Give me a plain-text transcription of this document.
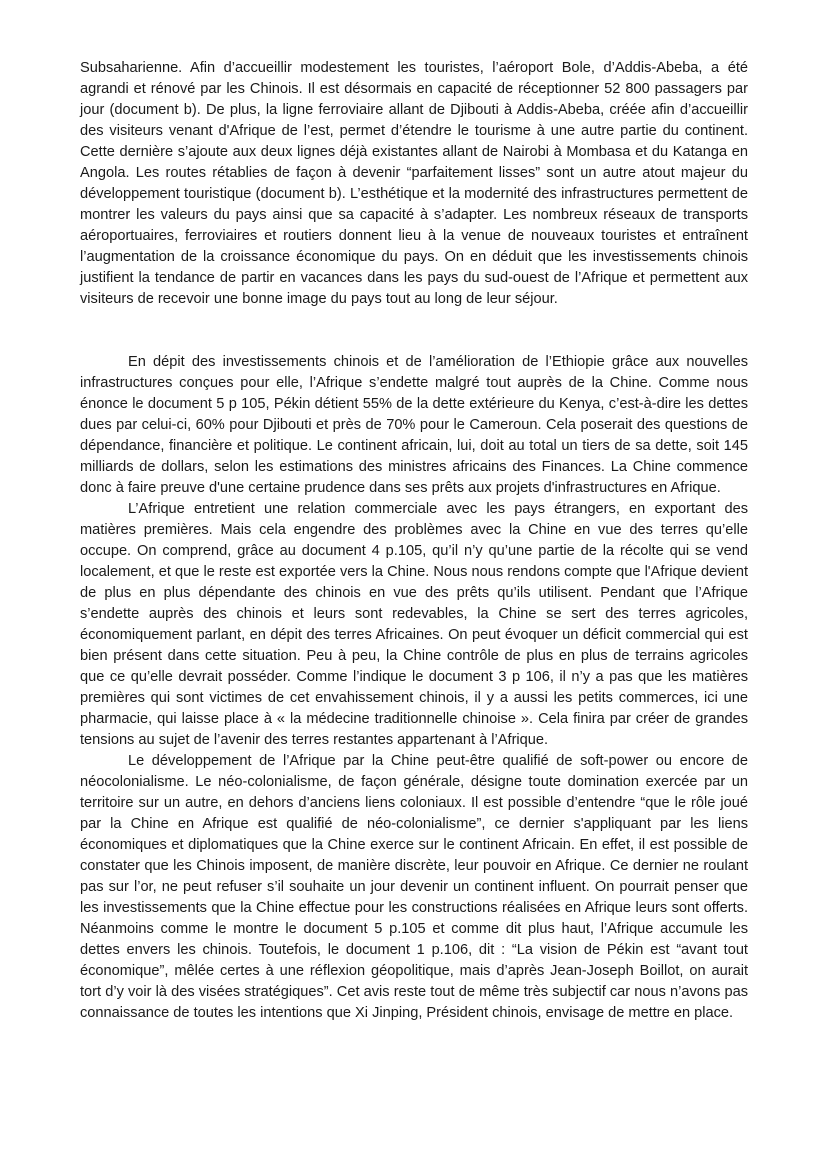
Subsaharienne. Afin d’accueillir modestement les touristes, l’aéroport Bole, d’Addis-Abeba, a été agrandi et rénové par les Chinois. Il est désormais en capacité de réceptionner 52 800 passagers par jour (document b). De plus, la ligne ferroviaire allant de Djibouti à Addis-Abeba, créée afin d’accueillir des visiteurs venant d'Afrique de l’est, permet d’étendre le tourisme à une autre partie du continent. Cette dernière s’ajoute aux deux lignes déjà existantes allant de Nairobi à Mombasa et du Katanga en Angola. Les routes rétablies de façon à devenir “parfaitement lisses” sont un autre atout majeur du développement touristique (document b). L’esthétique et la modernité des infrastructures permettent de montrer les valeurs du pays ainsi que sa capacité à s’adapter. Les nombreux réseaux de transports aéroportuaires, ferroviaires et routiers donnent lieu à la venue de nouveaux touristes et entraînent l’augmentation de la croissance économique du pays. On en déduit que les investissements chinois justifient la tendance de partir en vacances dans les pays du sud-ouest de l’Afrique et permettent aux visiteurs de recevoir une bonne image du pays tout au long de leur séjour.

En dépit des investissements chinois et de l’amélioration de l’Ethiopie grâce aux nouvelles infrastructures conçues pour elle, l’Afrique s’endette malgré tout auprès de la Chine. Comme nous énonce le document 5 p 105, Pékin détient 55% de la dette extérieure du Kenya, c’est-à-dire les dettes dues par celui-ci, 60% pour Djibouti et près de 70% pour le Cameroun. Cela poserait des questions de dépendance, financière et politique. Le continent africain, lui, doit au total un tiers de sa dette, soit 145 milliards de dollars, selon les estimations des ministres africains des Finances. La Chine commence donc à faire preuve d'une certaine prudence dans ses prêts aux projets d'infrastructures en Afrique.

L’Afrique entretient une relation commerciale avec les pays étrangers, en exportant des matières premières. Mais cela engendre des problèmes avec la Chine en vue des terres qu’elle occupe. On comprend, grâce au document 4 p.105, qu’il n’y qu’une partie de la récolte qui se vend localement, et que le reste est exportée vers la Chine. Nous nous rendons compte que l'Afrique devient de plus en plus dépendante des chinois en vue des prêts qu’ils utilisent. Pendant que l’Afrique s’endette auprès des chinois et leurs sont redevables, la Chine se sert des terres agricoles, économiquement parlant, en dépit des terres Africaines. On peut évoquer un déficit commercial qui est bien présent dans cette situation. Peu à peu, la Chine contrôle de plus en plus de terrains agricoles que ce qu’elle devrait posséder. Comme l’indique le document 3 p 106, il n’y a pas que les matières premières qui sont victimes de cet envahissement chinois, il y a aussi les petits commerces, ici une pharmacie, qui laisse place à « la médecine traditionnelle chinoise ». Cela finira par créer de grandes tensions au sujet de l’avenir des terres restantes appartenant à l’Afrique.

Le développement de l’Afrique par la Chine peut-être qualifié de soft-power ou encore de néocolonialisme. Le néo-colonialisme, de façon générale, désigne toute domination exercée par un territoire sur un autre, en dehors d’anciens liens coloniaux. Il est possible d’entendre “que le rôle joué par la Chine en Afrique est qualifié de néo-colonialisme”, ce dernier s'appliquant par les liens économiques et diplomatiques que la Chine exerce sur le continent Africain. En effet, il est possible de constater que les Chinois imposent, de manière discrète, leur pouvoir en Afrique. Ce dernier ne roulant pas sur l’or, ne peut refuser s’il souhaite un jour devenir un continent influent. On pourrait penser que les investissements que la Chine effectue pour les constructions réalisées en Afrique leurs sont offerts. Néanmoins comme le montre le document 5 p.105 et comme dit plus haut, l’Afrique accumule les dettes envers les chinois. Toutefois, le document 1 p.106, dit : “La vision de Pékin est “avant tout économique”, mêlée certes à une réflexion géopolitique, mais d’après Jean-Joseph Boillot, on aurait tort d’y voir là des visées stratégiques”. Cet avis reste tout de même très subjectif car nous n’avons pas connaissance de toutes les intentions que Xi Jinping, Président chinois, envisage de mettre en place.
